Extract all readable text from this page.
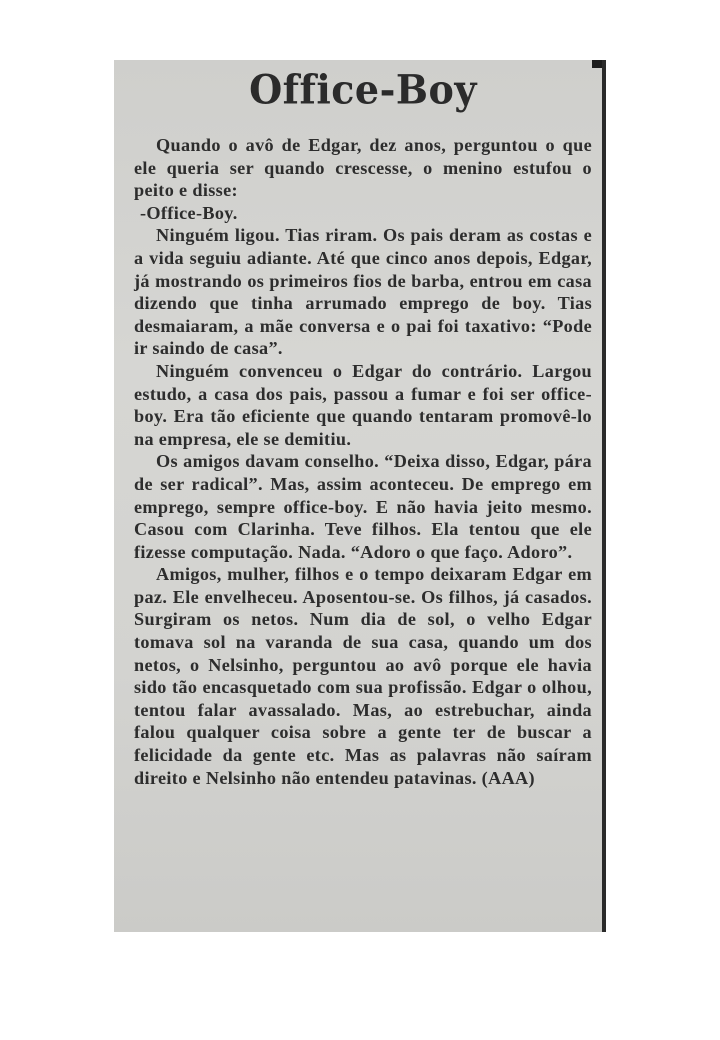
Office-Boy

Quando o avô de Edgar, dez anos, perguntou o que ele queria ser quando crescesse, o menino estufou o peito e disse:

-Office-Boy.

Ninguém ligou. Tias riram. Os pais deram as costas e a vida seguiu adiante. Até que cinco anos depois, Edgar, já mostrando os primeiros fios de barba, entrou em casa dizendo que tinha arrumado emprego de boy. Tias desmaiaram, a mãe conversa e o pai foi taxativo: “Pode ir saindo de casa”.

Ninguém convenceu o Edgar do contrário. Largou estudo, a casa dos pais, passou a fumar e foi ser office-boy. Era tão eficiente que quando tentaram promovê-lo na empresa, ele se demitiu.

Os amigos davam conselho. “Deixa disso, Edgar, pára de ser radical”. Mas, assim aconteceu. De emprego em emprego, sempre office-boy. E não havia jeito mesmo. Casou com Clarinha. Teve filhos. Ela tentou que ele fizesse computação. Nada. “Adoro o que faço. Adoro”.

Amigos, mulher, filhos e o tempo deixaram Edgar em paz. Ele envelheceu. Aposentou-se. Os filhos, já casados. Surgiram os netos. Num dia de sol, o velho Edgar tomava sol na varanda de sua casa, quando um dos netos, o Nelsinho, perguntou ao avô porque ele havia sido tão encasquetado com sua profissão. Edgar o olhou, tentou falar avassalado. Mas, ao estrebuchar, ainda falou qualquer coisa sobre a gente ter de buscar a felicidade da gente etc. Mas as palavras não saíram direito e Nelsinho não entendeu patavinas. (AAA)
